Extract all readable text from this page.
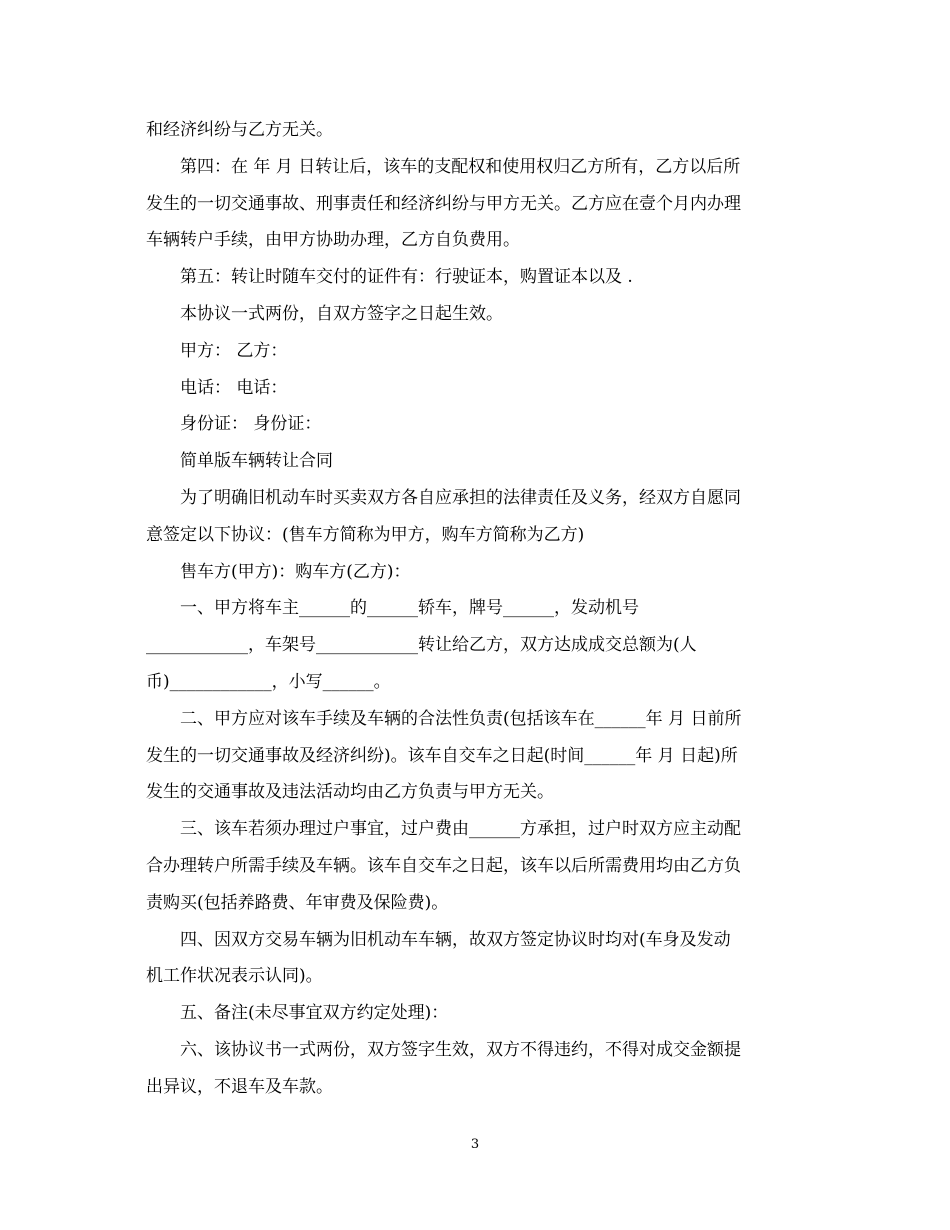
和经济纠纷与乙方无关。

第四：在 年 月 日转让后，该车的支配权和使用权归乙方所有，乙方以后所

发生的一切交通事故、刑事责任和经济纠纷与甲方无关。乙方应在壹个月内办理

车辆转户手续，由甲方协助办理，乙方自负费用。

第五：转让时随车交付的证件有：行驶证本，购置证本以及 .

本协议一式两份，自双方签字之日起生效。

甲方： 乙方：

电话： 电话：

身份证： 身份证：

简单版车辆转让合同

为了明确旧机动车时买卖双方各自应承担的法律责任及义务，经双方自愿同

意签定以下协议：(售车方简称为甲方，购车方简称为乙方)

售车方(甲方)：购车方(乙方)：

一、甲方将车主______的______轿车，牌号______，发动机号

____________，车架号____________转让给乙方，双方达成成交总额为(人

币)____________，小写______。

二、甲方应对该车手续及车辆的合法性负责(包括该车在______年 月 日前所

发生的一切交通事故及经济纠纷)。该车自交车之日起(时间______年 月 日起)所

发生的交通事故及违法活动均由乙方负责与甲方无关。

三、该车若须办理过户事宜，过户费由______方承担，过户时双方应主动配

合办理转户所需手续及车辆。该车自交车之日起，该车以后所需费用均由乙方负

责购买(包括养路费、年审费及保险费)。

四、因双方交易车辆为旧机动车车辆，故双方签定协议时均对(车身及发动

机工作状况表示认同)。

五、备注(未尽事宜双方约定处理)：

六、该协议书一式两份，双方签字生效，双方不得违约，不得对成交金额提

出异议，不退车及车款。

3
